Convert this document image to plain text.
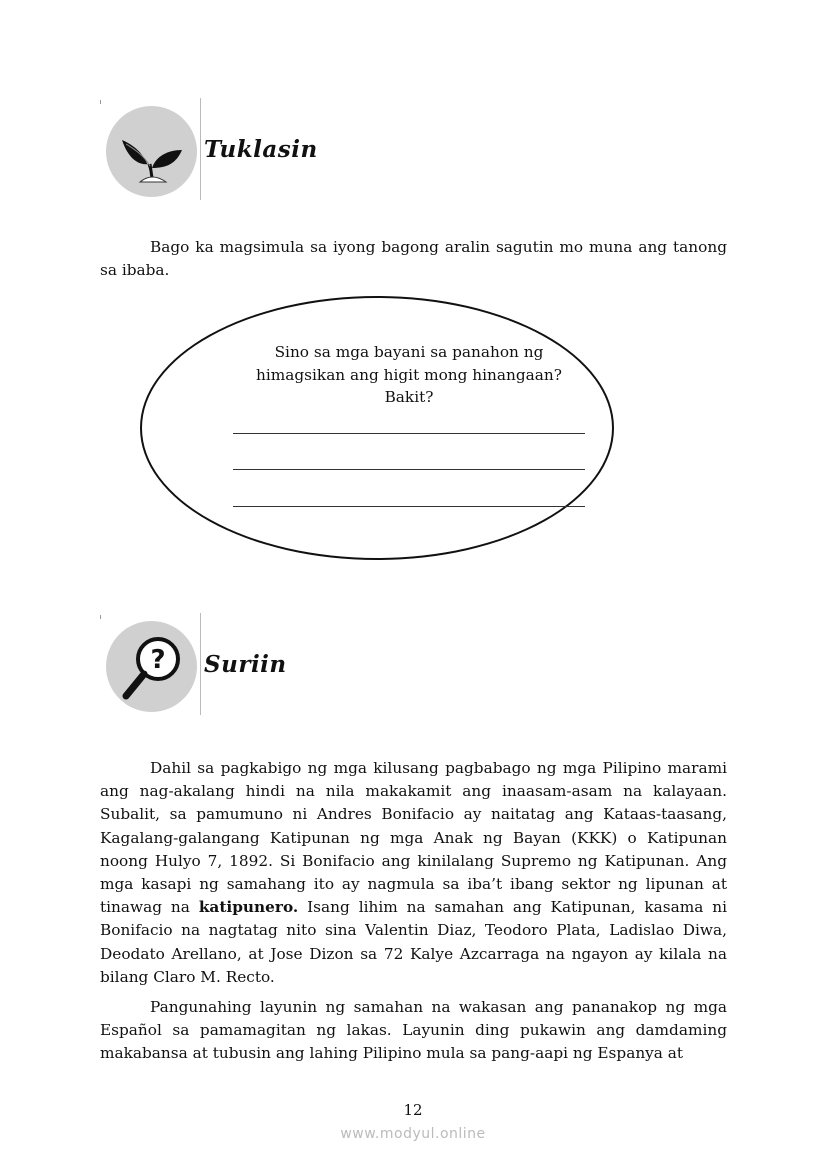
Tuklasin
Bago ka magsimula sa iyong bagong aralin sagutin mo muna ang tanong sa ibaba.
Sino sa mga bayani sa panahon ng himagsikan ang higit mong hinangaan? Bakit?
? Suriin
Dahil sa pagkabigo ng mga kilusang pagbabago ng mga Pilipino marami ang nag-akalang hindi na nila makakamit ang inaasam-asam na kalayaan. Subalit, sa pamumuno ni Andres Bonifacio ay naitatag ang Kataas-taasang, Kagalang-galangang Katipunan ng mga Anak ng Bayan (KKK) o Katipunan noong Hulyo 7, 1892. Si Bonifacio ang kinilalang Supremo ng Katipunan. Ang mga kasapi ng samahang ito ay nagmula sa iba’t ibang sektor ng lipunan at tinawag na katipunero. Isang lihim na samahan ang Katipunan, kasama ni Bonifacio na nagtatag nito sina Valentin Diaz, Teodoro Plata, Ladislao Diwa, Deodato Arellano, at Jose Dizon sa 72 Kalye Azcarraga na ngayon ay kilala na bilang Claro M. Recto.
Pangunahing layunin ng samahan na wakasan ang pananakop ng mga Español sa pamamagitan ng lakas. Layunin ding pukawin ang damdaming makabansa at tubusin ang lahing Pilipino mula sa pang-aapi ng Espanya at
12
www.modyul.online
